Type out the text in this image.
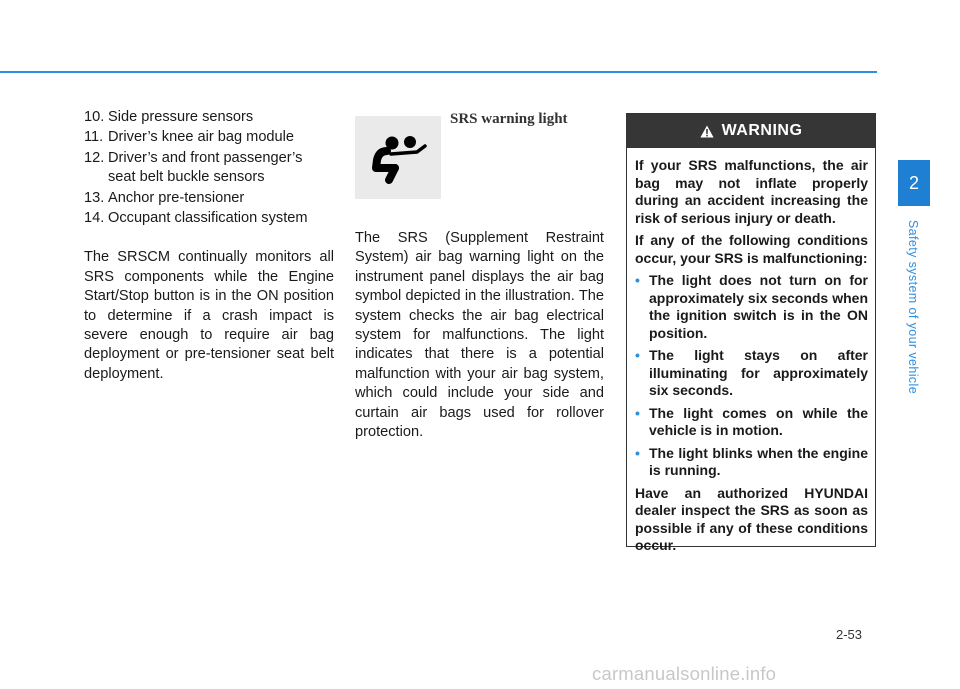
10. Side pressure sensors
11. Driver’s knee air bag module
12. Driver’s and front passenger’s seat belt buckle sensors
13. Anchor pre-tensioner
14. Occupant classification system
The SRSCM continually monitors all SRS components while the Engine Start/Stop button is in the ON position to determine if a crash impact is severe enough to require air bag deployment or pre-tensioner seat belt deployment.
SRS warning light
The SRS (Supplement Restraint System) air bag warning light on the instrument panel displays the air bag symbol depicted in the illustration. The system checks the air bag electrical system for malfunctions. The light indicates that there is a potential malfunction with your air bag system, which could include your side and curtain air bags used for rollover protection.
WARNING

If your SRS malfunctions, the air bag may not inflate properly during an accident increasing the risk of serious injury or death.

If any of the following conditions occur, your SRS is malfunctioning:

• The light does not turn on for approximately six seconds when the ignition switch is in the ON position.
• The light stays on after illuminating for approximately six seconds.
• The light comes on while the vehicle is in motion.
• The light blinks when the engine is running.

Have an authorized HYUNDAI dealer inspect the SRS as soon as possible if any of these conditions occur.

2
Safety system of your vehicle
2-53
carmanualsonline.info
